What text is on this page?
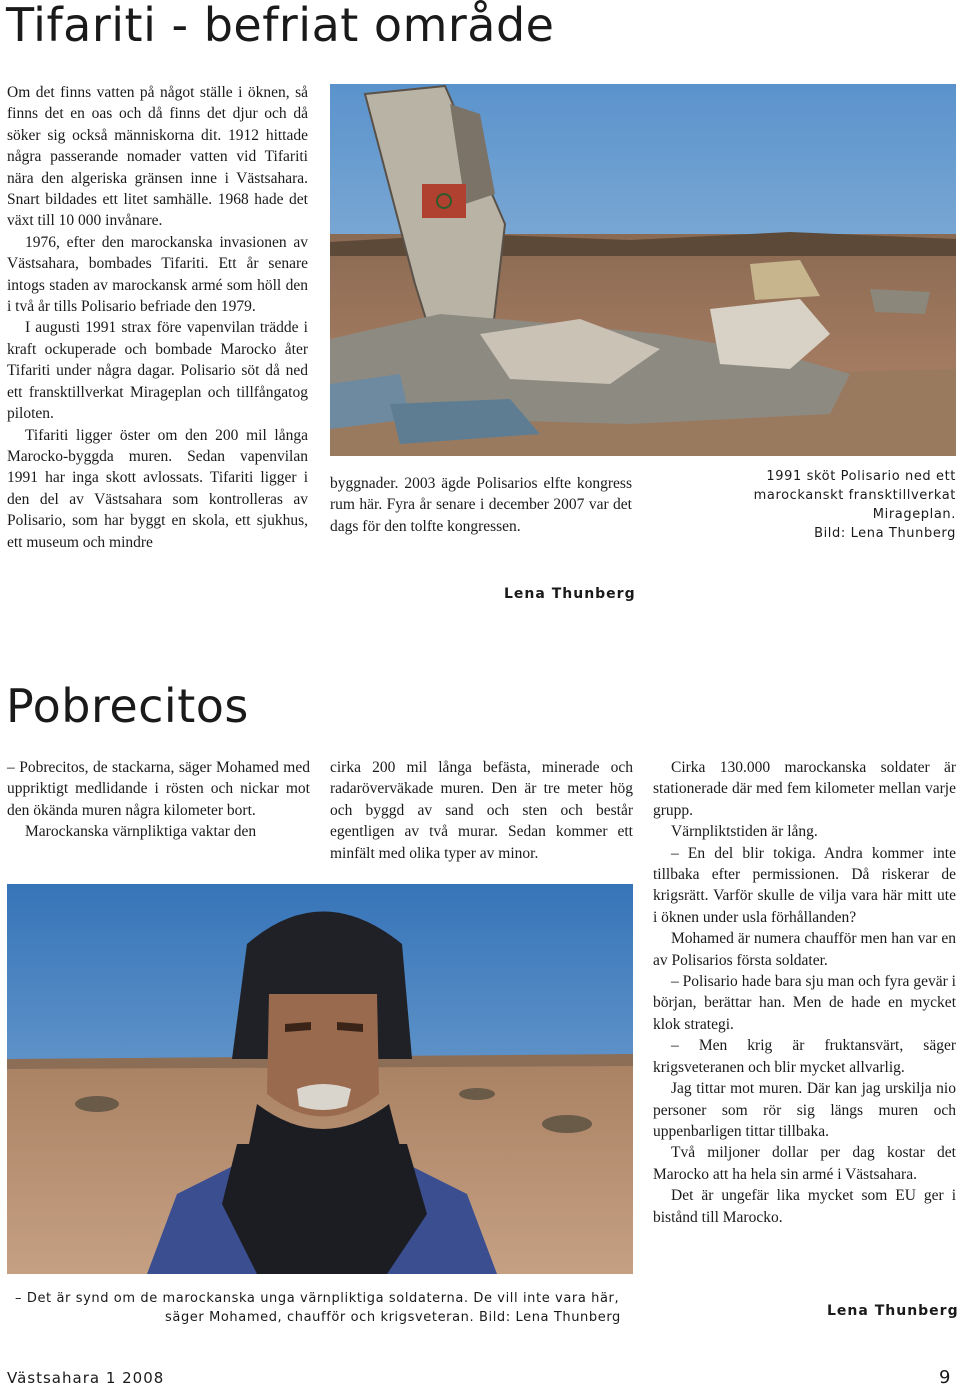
Tifariti - befriat område

Om det finns vatten på något ställe i öknen, så finns det en oas och då finns det djur och då söker sig också människorna dit. 1912 hittade några passerande nomader vatten vid Tifariti nära den algeriska gränsen inne i Västsahara. Snart bildades ett litet samhälle. 1968 hade det växt till 10 000 invånare.

1976, efter den marockanska invasionen av Västsahara, bombades Tifariti. Ett år senare intogs staden av marockansk armé som höll den i två år tills Polisario befriade den 1979.

I augusti 1991 strax före vapenvilan trädde i kraft ockuperade och bombade Marocko åter Tifariti under några dagar. Polisario söt då ned ett fransktillverkat Mirageplan och tillfångatog piloten.

Tifariti ligger öster om den 200 mil långa Marocko-byggda muren. Sedan vapenvilan 1991 har inga skott avlossats. Tifariti ligger i den del av Västsahara som kontrolleras av Polisario, som har byggt en skola, ett sjukhus, ett museum och mindre

byggnader. 2003 ägde Polisarios elfte kongress rum här. Fyra år senare i december 2007 var det dags för den tolfte kongressen.

Lena Thunberg
1991 sköt Polisario ned ett
marockanskt fransktillverkat
Mirageplan.
Bild: Lena Thunberg
Pobrecitos

– Pobrecitos, de stackarna, säger Mohamed med uppriktigt medlidande i rösten och nickar mot den ökända muren några kilometer bort.

Marockanska värnpliktiga vaktar den

cirka 200 mil långa befästa, minerade och radaröverväkade muren. Den är tre meter hög och byggd av sand och sten och består egentligen av två murar. Sedan kommer ett minfält med olika typer av minor.

Cirka 130.000 marockanska soldater är stationerade där med fem kilometer mellan varje grupp.

Värnpliktstiden är lång.

– En del blir tokiga. Andra kommer inte tillbaka efter permissionen. Då riskerar de krigsrätt. Varför skulle de vilja vara här mitt ute i öknen under usla förhållanden?

Mohamed är numera chaufför men han var en av Polisarios första soldater.

– Polisario hade bara sju man och fyra gevär i början, berättar han. Men de hade en mycket klok strategi.

– Men krig är fruktansvärt, säger krigsveteranen och blir mycket allvarlig.

Jag tittar mot muren. Där kan jag urskilja nio personer som rör sig längs muren och uppenbarligen tittar tillbaka.

Två miljoner dollar per dag kostar det Marocko att ha hela sin armé i Västsahara.

Det är ungefär lika mycket som EU ger i bistånd till Marocko.

– Det är synd om de marockanska unga värnpliktiga soldaterna. De vill inte vara här,
säger Mohamed, chaufför och krigsveteran. Bild: Lena Thunberg	Lena Thunberg
Västsahara 1 2008	9
